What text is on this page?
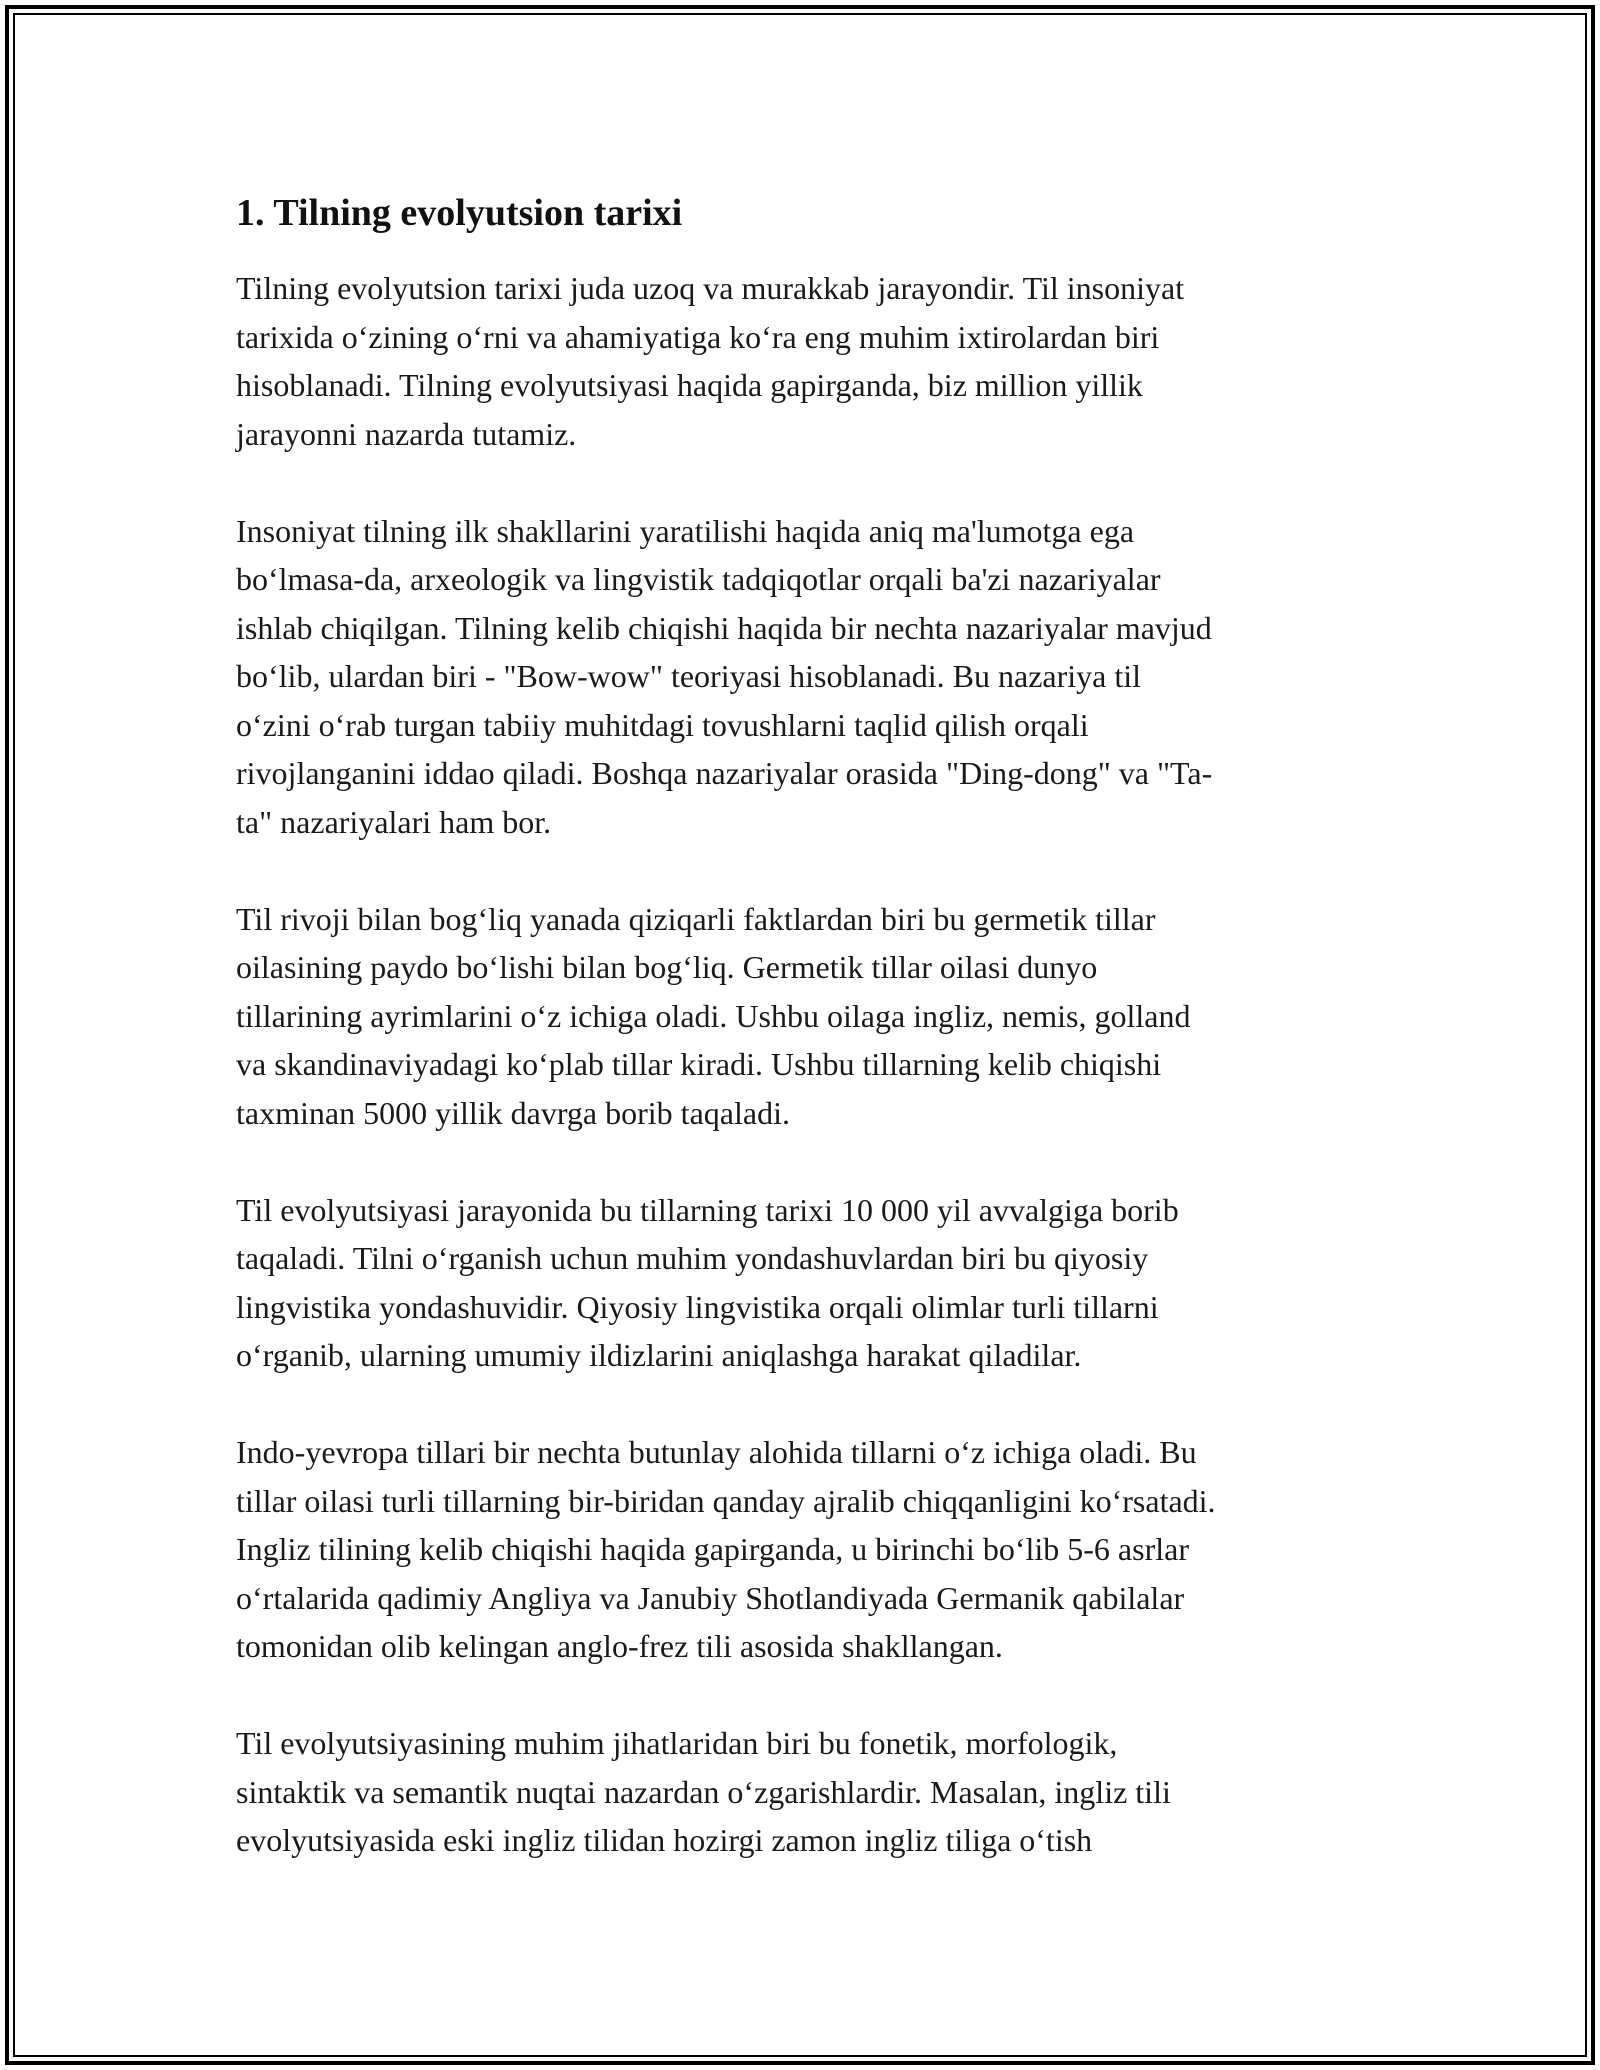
1. Tilning evolyutsion tarixi

Tilning evolyutsion tarixi juda uzoq va murakkab jarayondir. Til insoniyat
tarixida o‘zining o‘rni va ahamiyatiga ko‘ra eng muhim ixtirolardan biri
hisoblanadi. Tilning evolyutsiyasi haqida gapirganda, biz million yillik
jarayonni nazarda tutamiz.

Insoniyat tilning ilk shakllarini yaratilishi haqida aniq ma'lumotga ega
bo‘lmasa-da, arxeologik va lingvistik tadqiqotlar orqali ba'zi nazariyalar
ishlab chiqilgan. Tilning kelib chiqishi haqida bir nechta nazariyalar mavjud
bo‘lib, ulardan biri - "Bow-wow" teoriyasi hisoblanadi. Bu nazariya til
o‘zini o‘rab turgan tabiiy muhitdagi tovushlarni taqlid qilish orqali
rivojlanganini iddao qiladi. Boshqa nazariyalar orasida "Ding-dong" va "Ta-
ta" nazariyalari ham bor.

Til rivoji bilan bog‘liq yanada qiziqarli faktlardan biri bu germetik tillar
oilasining paydo bo‘lishi bilan bog‘liq. Germetik tillar oilasi dunyo
tillarining ayrimlarini o‘z ichiga oladi. Ushbu oilaga ingliz, nemis, golland
va skandinaviyadagi ko‘plab tillar kiradi. Ushbu tillarning kelib chiqishi
taxminan 5000 yillik davrga borib taqaladi.

Til evolyutsiyasi jarayonida bu tillarning tarixi 10 000 yil avvalgiga borib
taqaladi. Tilni o‘rganish uchun muhim yondashuvlardan biri bu qiyosiy
lingvistika yondashuvidir. Qiyosiy lingvistika orqali olimlar turli tillarni
o‘rganib, ularning umumiy ildizlarini aniqlashga harakat qiladilar.

Indo-yevropa tillari bir nechta butunlay alohida tillarni o‘z ichiga oladi. Bu
tillar oilasi turli tillarning bir-biridan qanday ajralib chiqqanligini ko‘rsatadi.
Ingliz tilining kelib chiqishi haqida gapirganda, u birinchi bo‘lib 5-6 asrlar
o‘rtalarida qadimiy Angliya va Janubiy Shotlandiyada Germanik qabilalar
tomonidan olib kelingan anglo-frez tili asosida shakllangan.

Til evolyutsiyasining muhim jihatlaridan biri bu fonetik, morfologik,
sintaktik va semantik nuqtai nazardan o‘zgarishlardir. Masalan, ingliz tili
evolyutsiyasida eski ingliz tilidan hozirgi zamon ingliz tiliga o‘tish
